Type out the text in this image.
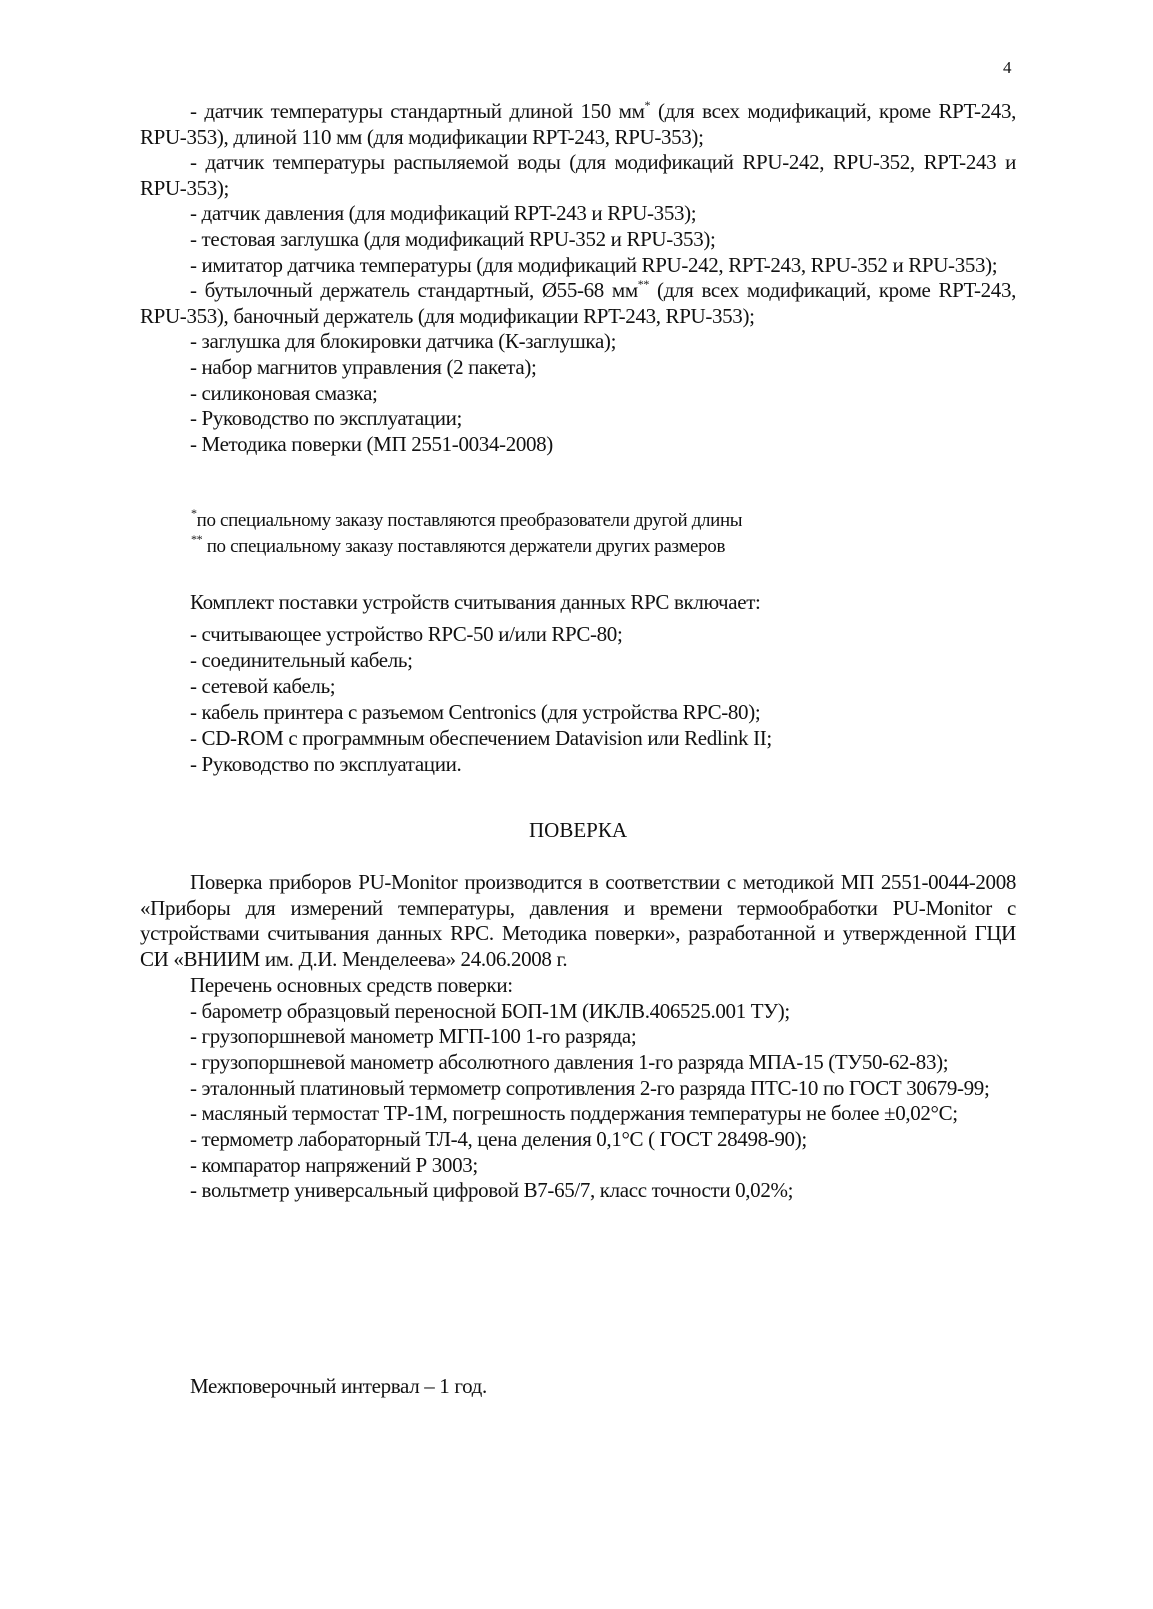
4

- датчик температуры стандартный длиной 150 мм* (для всех модификаций, кроме RPT-243, RPU-353), длиной 110 мм (для модификации RPT-243, RPU-353);

- датчик температуры распыляемой воды (для модификаций RPU-242, RPU-352, RPT-243 и RPU-353);

- датчик давления (для модификаций RPT-243 и RPU-353);

- тестовая заглушка (для модификаций RPU-352 и RPU-353);

- имитатор датчика температуры (для модификаций RPU-242, RPT-243, RPU-352 и RPU-353);

- бутылочный держатель стандартный, Ø55-68 мм** (для всех модификаций, кроме RPT-243, RPU-353), баночный держатель (для модификации RPT-243, RPU-353);

- заглушка для блокировки датчика (К-заглушка);

- набор магнитов управления (2 пакета);

- силиконовая смазка;

- Руководство по эксплуатации;

- Методика поверки (МП 2551-0034-2008)

*по специальному заказу поставляются преобразователи другой длины

** по специальному заказу поставляются держатели других размеров

Комплект поставки устройств считывания данных RPC включает:

- считывающее устройство RPC-50 и/или RPC-80;

- соединительный кабель;

- сетевой кабель;

- кабель принтера с разъемом Centronics (для устройства RPC-80);

- CD-ROM с программным обеспечением Datavision или Redlink II;

- Руководство по эксплуатации.

ПОВЕРКА

Поверка приборов PU-Monitor производится в соответствии с методикой МП 2551-0044-2008 «Приборы для измерений температуры, давления и времени термообработки PU-Monitor с устройствами считывания данных RPC. Методика поверки», разработанной и утвержденной ГЦИ СИ «ВНИИМ им. Д.И. Менделеева» 24.06.2008 г.

Перечень основных средств поверки:

- барометр образцовый переносной БОП-1М (ИКЛВ.406525.001 ТУ);

- грузопоршневой манометр МГП-100 1-го разряда;

- грузопоршневой манометр абсолютного давления 1-го разряда МПА-15 (ТУ50-62-83);

- эталонный платиновый термометр сопротивления 2-го разряда ПТС-10 по ГОСТ 30679-99;

- масляный термостат ТР-1М, погрешность поддержания температуры не более ±0,02°С;

- термометр лабораторный ТЛ-4, цена деления 0,1°С ( ГОСТ 28498-90);

- компаратор напряжений Р 3003;

- вольтметр универсальный цифровой В7-65/7, класс точности 0,02%;

Межповерочный интервал – 1 год.
